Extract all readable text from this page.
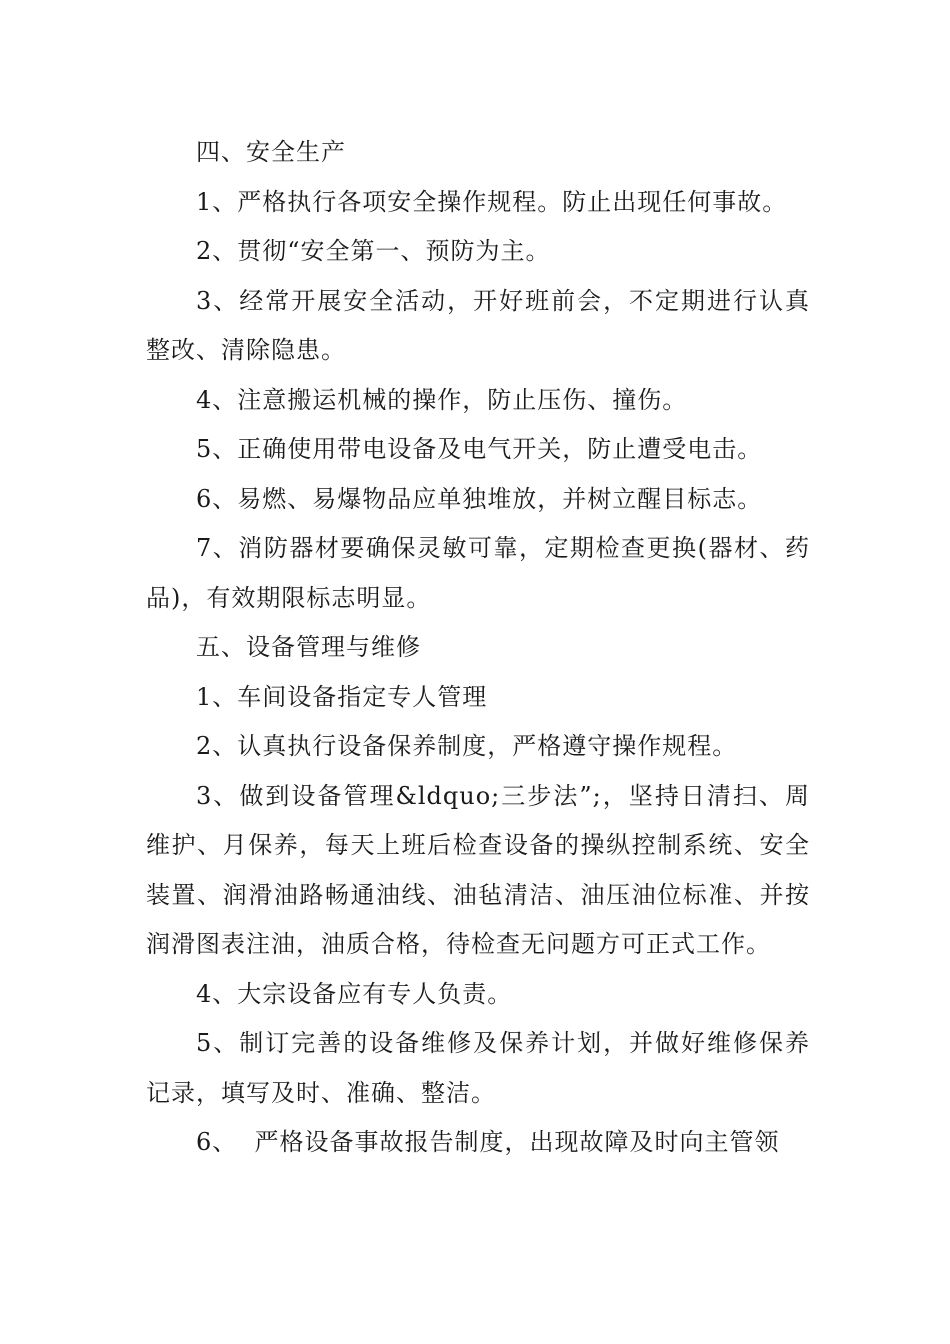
四、安全生产

1、严格执行各项安全操作规程。防止出现任何事故。

2、贯彻“安全第一、预防为主。

3、经常开展安全活动，开好班前会，不定期进行认真整改、清除隐患。

4、注意搬运机械的操作，防止压伤、撞伤。

5、正确使用带电设备及电气开关，防止遭受电击。

6、易燃、易爆物品应单独堆放，并树立醒目标志。

7、消防器材要确保灵敏可靠，定期检查更换(器材、药品)，有效期限标志明显。

五、设备管理与维修

1、车间设备指定专人管理

2、认真执行设备保养制度，严格遵守操作规程。

3、做到设备管理&ldquo;三步法”;，坚持日清扫、周维护、月保养，每天上班后检查设备的操纵控制系统、安全装置、润滑油路畅通油线、油毡清洁、油压油位标准、并按润滑图表注油，油质合格，待检查无问题方可正式工作。

4、大宗设备应有专人负责。

5、制订完善的设备维修及保养计划，并做好维修保养记录，填写及时、准确、整洁。

6、  严格设备事故报告制度，出现故障及时向主管领
